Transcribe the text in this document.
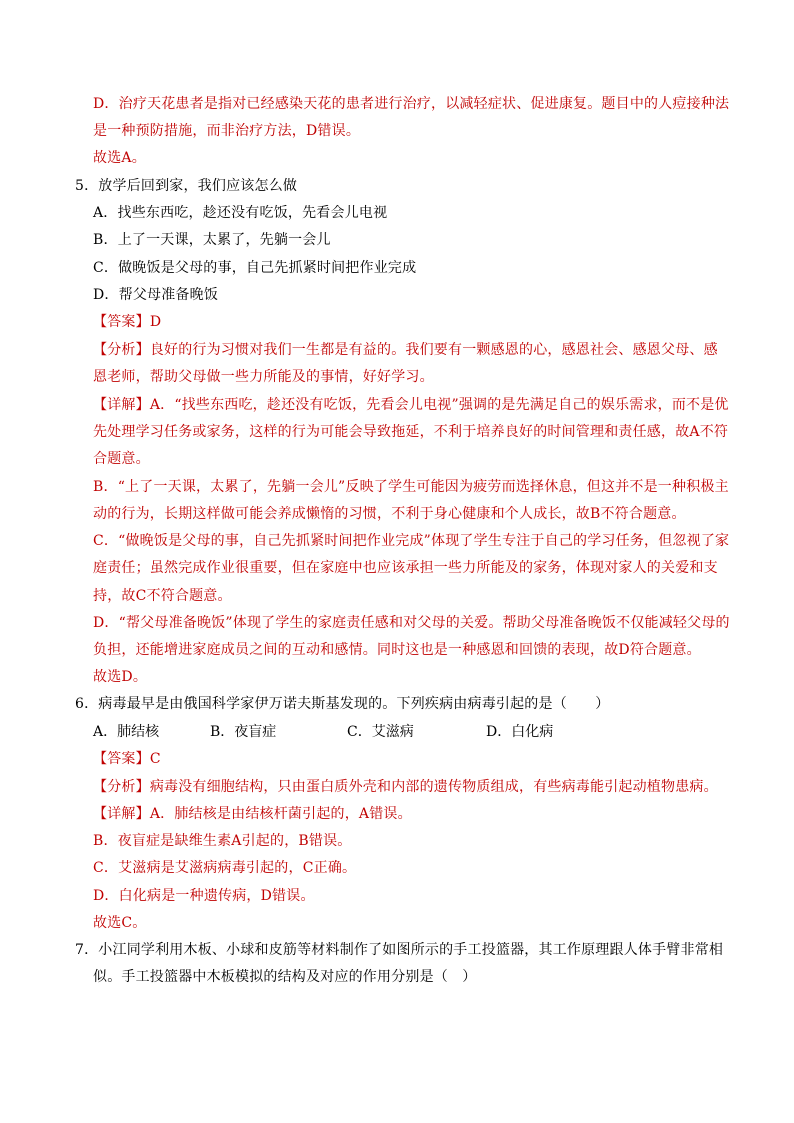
D．治疗天花患者是指对已经感染天花的患者进行治疗，以减轻症状、促进康复。题目中的人痘接种法
是一种预防措施，而非治疗方法，D错误。
故选A。
5．放学后回到家，我们应该怎么做
A．找些东西吃，趁还没有吃饭，先看会儿电视
B．上了一天课，太累了，先躺一会儿
C．做晚饭是父母的事，自己先抓紧时间把作业完成
D．帮父母准备晚饭
【答案】D
【分析】良好的行为习惯对我们一生都是有益的。我们要有一颗感恩的心，感恩社会、感恩父母、感
恩老师，帮助父母做一些力所能及的事情，好好学习。
【详解】A．“找些东西吃，趁还没有吃饭，先看会儿电视”强调的是先满足自己的娱乐需求，而不是优
先处理学习任务或家务，这样的行为可能会导致拖延，不利于培养良好的时间管理和责任感，故A不符
合题意。
B．“上了一天课，太累了，先躺一会儿”反映了学生可能因为疲劳而选择休息，但这并不是一种积极主
动的行为，长期这样做可能会养成懒惰的习惯，不利于身心健康和个人成长，故B不符合题意。
C．“做晚饭是父母的事，自己先抓紧时间把作业完成”体现了学生专注于自己的学习任务，但忽视了家
庭责任；虽然完成作业很重要，但在家庭中也应该承担一些力所能及的家务，体现对家人的关爱和支
持，故C不符合题意。
D．“帮父母准备晚饭”体现了学生的家庭责任感和对父母的关爱。帮助父母准备晚饭不仅能减轻父母的
负担，还能增进家庭成员之间的互动和感情。同时这也是一种感恩和回馈的表现，故D符合题意。
故选D。
6．病毒最早是由俄国科学家伊万诺夫斯基发现的。下列疾病由病毒引起的是（　　）
A．肺结核	B．夜盲症	C．艾滋病	D．白化病
【答案】C
【分析】病毒没有细胞结构，只由蛋白质外壳和内部的遗传物质组成，有些病毒能引起动植物患病。
【详解】A．肺结核是由结核杆菌引起的，A错误。
B．夜盲症是缺维生素A引起的，B错误。
C．艾滋病是艾滋病病毒引起的，C正确。
D．白化病是一种遗传病，D错误。
故选C。
7．小江同学利用木板、小球和皮筋等材料制作了如图所示的手工投篮器，其工作原理跟人体手臂非常相
似。手工投篮器中木板模拟的结构及对应的作用分别是（　）
